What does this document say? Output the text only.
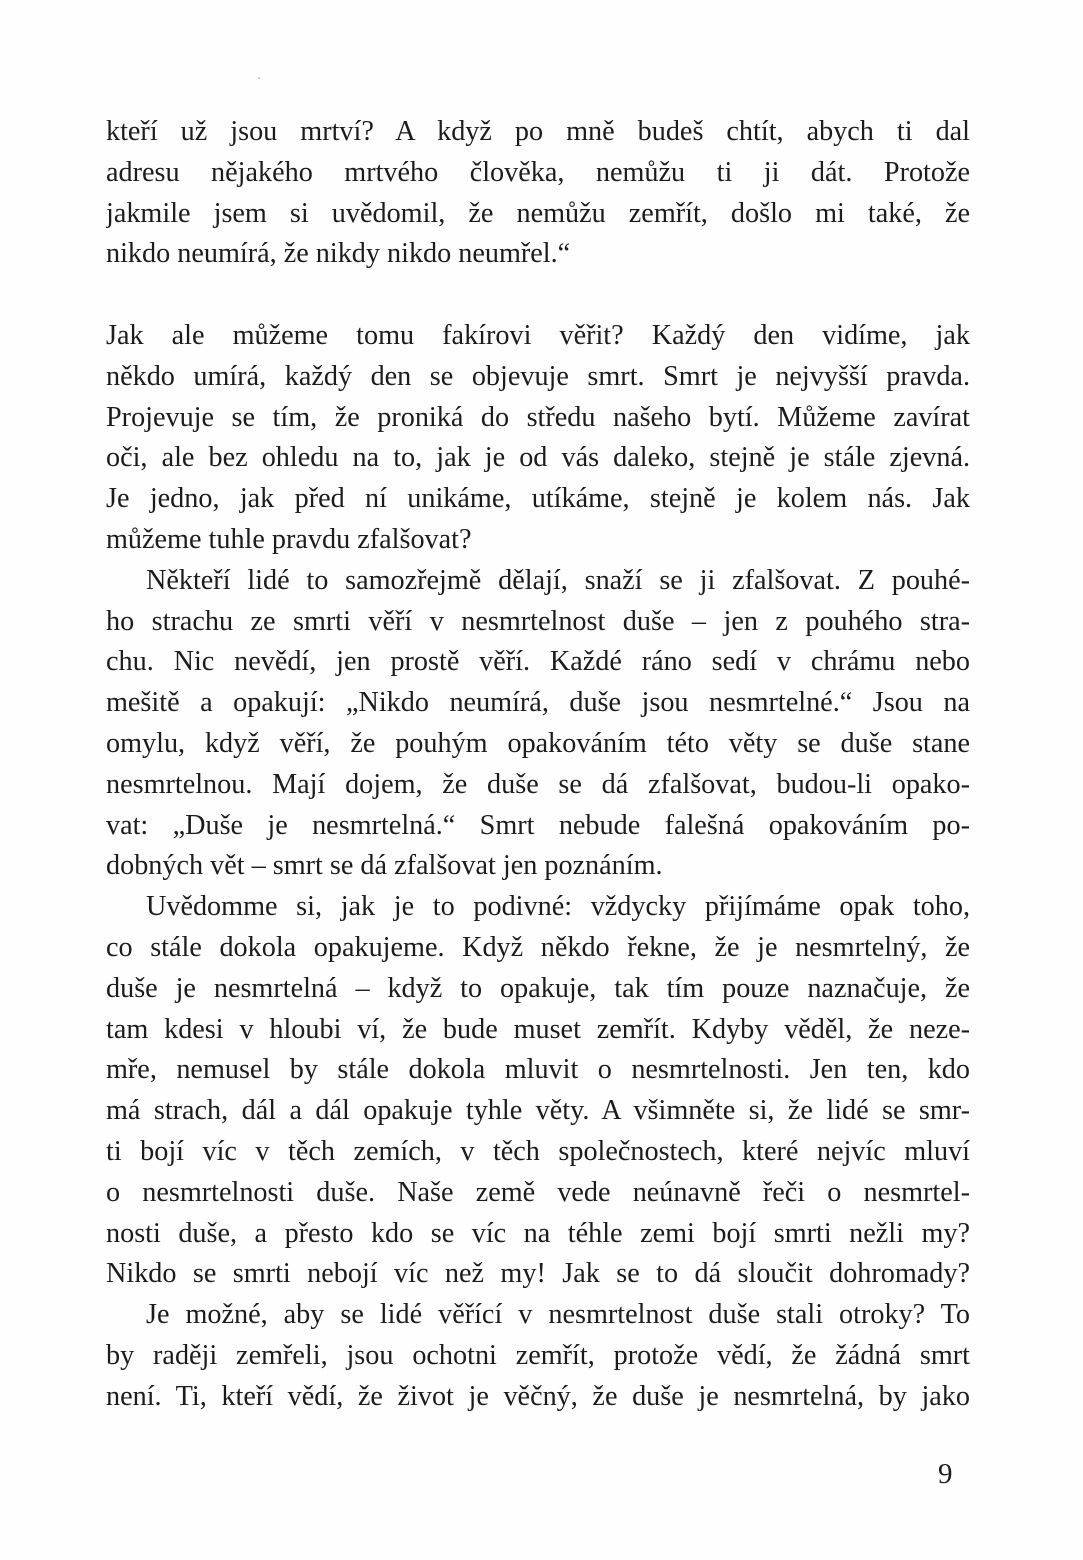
kteří už jsou mrtví? A když po mně budeš chtít, abych ti dal
adresu nějakého mrtvého člověka, nemůžu ti ji dát. Protože
jakmile jsem si uvědomil, že nemůžu zemřít, došlo mi také, že
nikdo neumírá, že nikdy nikdo neumřel.“
Jak ale můžeme tomu fakírovi věřit? Každý den vidíme, jak
někdo umírá, každý den se objevuje smrt. Smrt je nejvyšší pravda.
Projevuje se tím, že proniká do středu našeho bytí. Můžeme zavírat
oči, ale bez ohledu na to, jak je od vás daleko, stejně je stále zjevná.
Je jedno, jak před ní unikáme, utíkáme, stejně je kolem nás. Jak
můžeme tuhle pravdu zfalšovat?
Někteří lidé to samozřejmě dělají, snaží se ji zfalšovat. Z pouhé-
ho strachu ze smrti věří v nesmrtelnost duše – jen z pouhého stra-
chu. Nic nevědí, jen prostě věří. Každé ráno sedí v chrámu nebo
mešitě a opakují: „Nikdo neumírá, duše jsou nesmrtelné.“ Jsou na
omylu, když věří, že pouhým opakováním této věty se duše stane
nesmrtelnou. Mají dojem, že duše se dá zfalšovat, budou-li opako-
vat: „Duše je nesmrtelná.“ Smrt nebude falešná opakováním po-
dobných vět – smrt se dá zfalšovat jen poznáním.
Uvědomme si, jak je to podivné: vždycky přijímáme opak toho,
co stále dokola opakujeme. Když někdo řekne, že je nesmrtelný, že
duše je nesmrtelná – když to opakuje, tak tím pouze naznačuje, že
tam kdesi v hloubi ví, že bude muset zemřít. Kdyby věděl, že neze-
mře, nemusel by stále dokola mluvit o nesmrtelnosti. Jen ten, kdo
má strach, dál a dál opakuje tyhle věty. A všimněte si, že lidé se smr-
ti bojí víc v těch zemích, v těch společnostech, které nejvíc mluví
o nesmrtelnosti duše. Naše země vede neúnavně řeči o nesmrtel-
nosti duše, a přesto kdo se víc na téhle zemi bojí smrti nežli my?
Nikdo se smrti nebojí víc než my! Jak se to dá sloučit dohromady?
Je možné, aby se lidé věřící v nesmrtelnost duše stali otroky? To
by raději zemřeli, jsou ochotni zemřít, protože vědí, že žádná smrt
není. Ti, kteří vědí, že život je věčný, že duše je nesmrtelná, by jako
9
